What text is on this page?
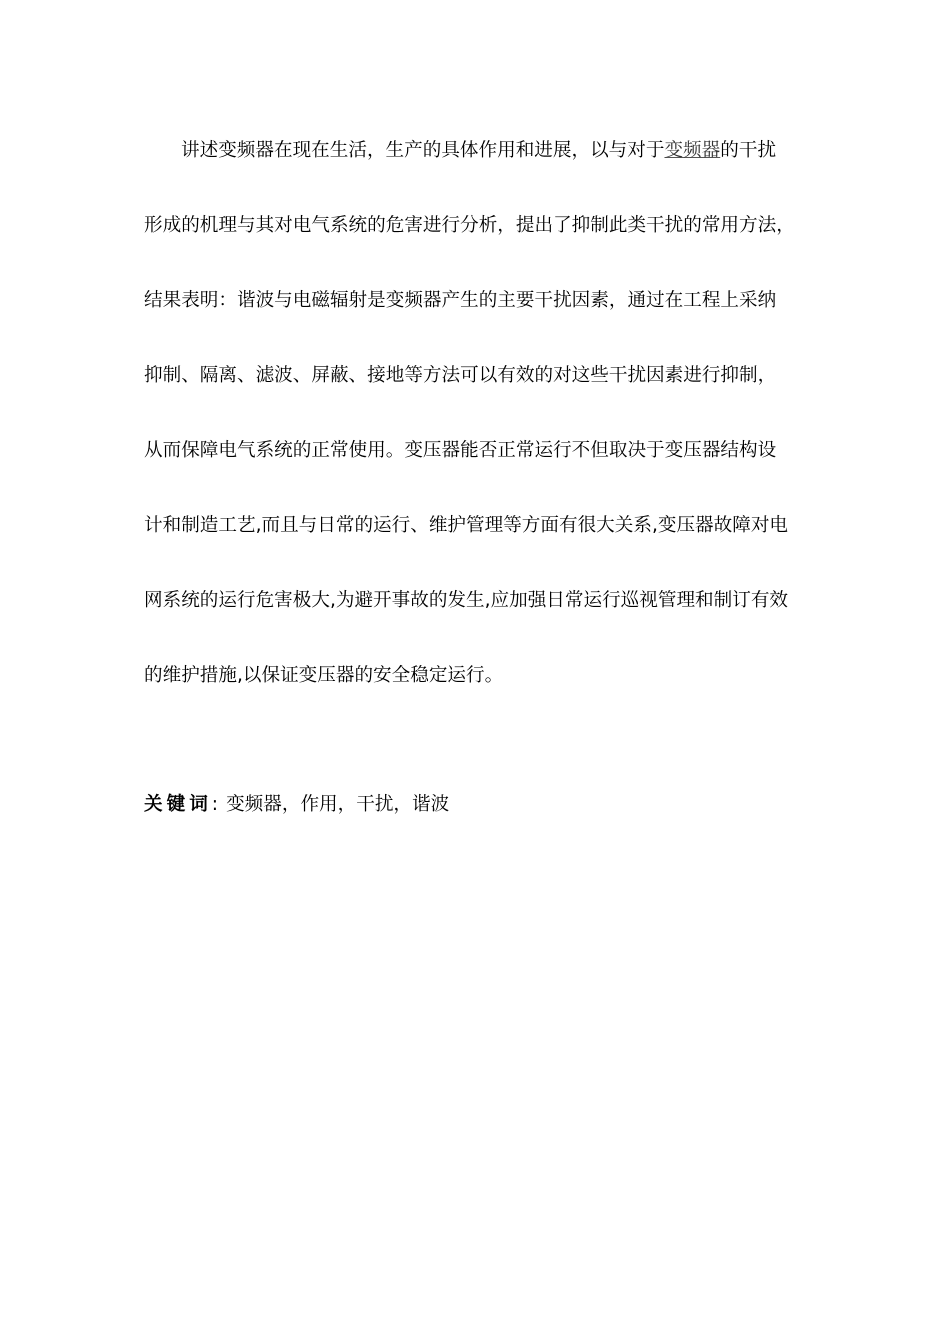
讲述变频器在现在生活，生产的具体作用和进展，以与对于变频器的干扰
形成的机理与其对电气系统的危害进行分析，提出了抑制此类干扰的常用方法，
结果表明：谐波与电磁辐射是变频器产生的主要干扰因素，通过在工程上采纳
抑制、隔离、滤波、屏蔽、接地等方法可以有效的对这些干扰因素进行抑制，
从而保障电气系统的正常使用。变压器能否正常运行不但取决于变压器结构设
计和制造工艺,而且与日常的运行、维护管理等方面有很大关系,变压器故障对电
网系统的运行危害极大,为避开事故的发生,应加强日常运行巡视管理和制订有效
的维护措施,以保证变压器的安全稳定运行。
关键词: 变频器，作用，干扰，谐波
